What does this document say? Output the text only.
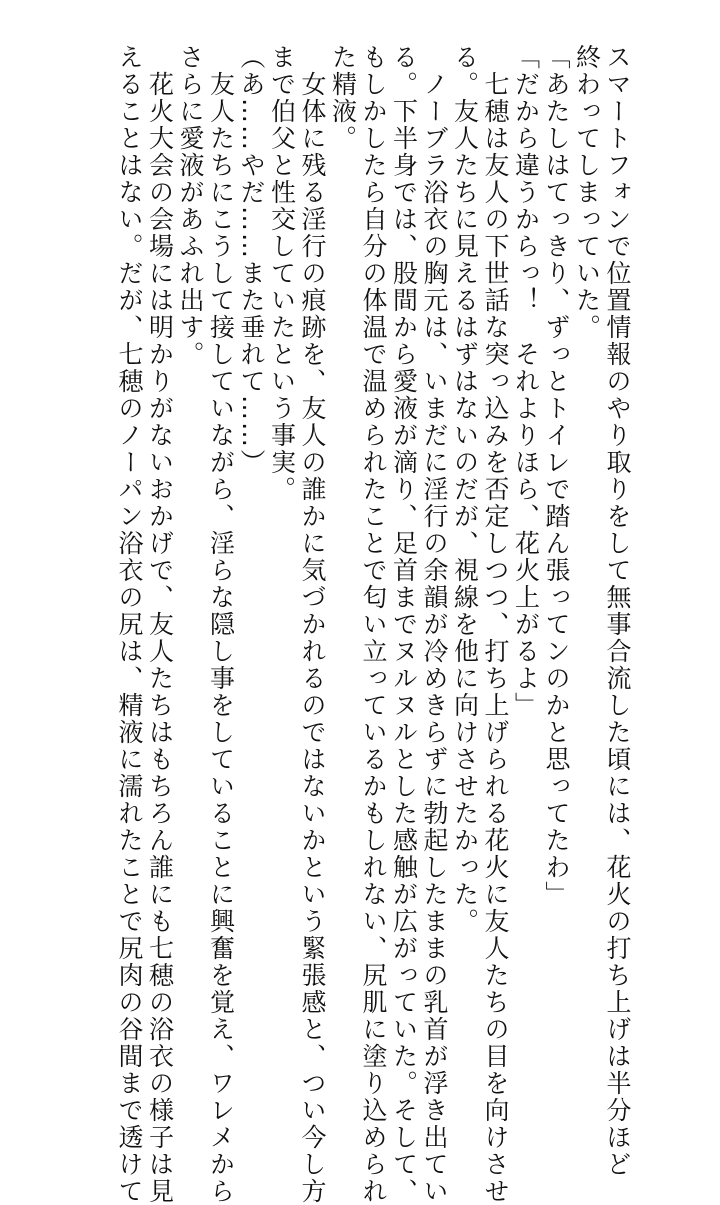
スマートフォンで位置情報のやり取りをして無事合流した頃には、花火の打ち上げは半分ほど
終わってしまっていた。
「あたしはてっきり、ずっとトイレで踏ん張ってンのかと思ってたわ」
「だから違うからっ！　それよりほら、花火上がるよ」
　七穂は友人の下世話な突っ込みを否定しつつ、打ち上げられる花火に友人たちの目を向けさせ
る。友人たちに見えるはずはないのだが、視線を他に向けさせたかった。
　ノーブラ浴衣の胸元は、いまだに淫行の余韻が冷めきらずに勃起したままの乳首が浮き出てい
る。下半身では、股間から愛液が滴り、足首までヌルヌルとした感触が広がっていた。そして、
もしかしたら自分の体温で温められたことで匂い立っているかもしれない、尻肌に塗り込められ
た精液。
　女体に残る淫行の痕跡を、友人の誰かに気づかれるのではないかという緊張感と、つい今し方
まで伯父と性交していたという事実。
（あ……やだ……また垂れて……）
　友人たちにこうして接していながら、淫らな隠し事をしていることに興奮を覚え、ワレメから
さらに愛液があふれ出す。
　花火大会の会場には明かりがないおかげで、友人たちはもちろん誰にも七穂の浴衣の様子は見
えることはない。だが、七穂のノーパン浴衣の尻は、精液に濡れたことで尻肉の谷間まで透けて
